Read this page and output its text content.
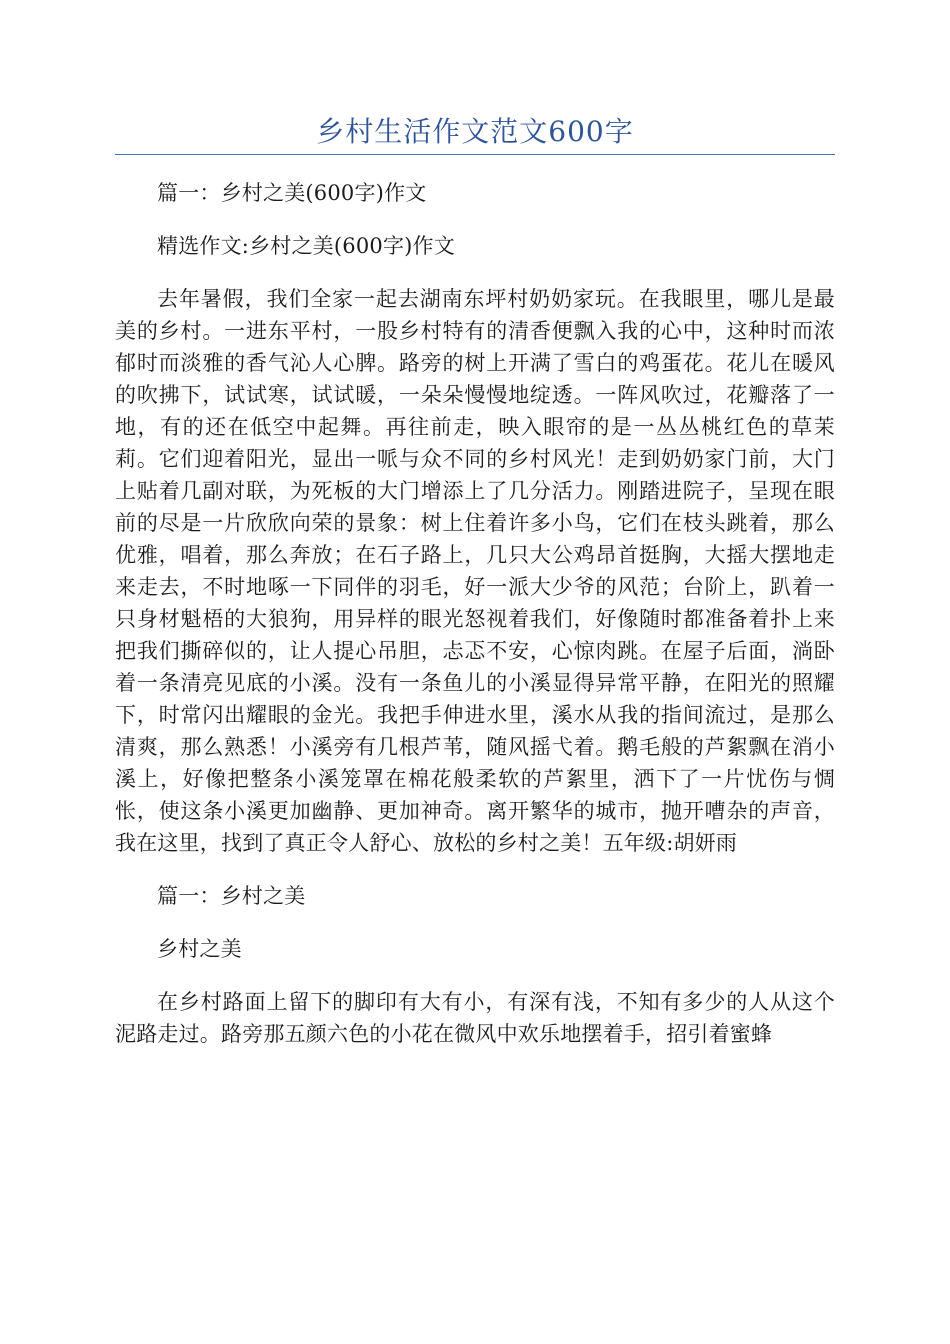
乡村生活作文范文600字

篇一：乡村之美(600字)作文

精选作文:乡村之美(600字)作文

去年暑假，我们全家一起去湖南东坪村奶奶家玩。在我眼里，哪儿是最美的乡村。一进东平村，一股乡村特有的清香便飘入我的心中，这种时而浓郁时而淡雅的香气沁人心脾。路旁的树上开满了雪白的鸡蛋花。花儿在暖风的吹拂下，试试寒，试试暖，一朵朵慢慢地绽透。一阵风吹过，花瓣落了一地，有的还在低空中起舞。再往前走，映入眼帘的是一丛丛桃红色的草茉莉。它们迎着阳光，显出一哌与众不同的乡村风光！走到奶奶家门前，大门上贴着几副对联，为死板的大门增添上了几分活力。刚踏进院子，呈现在眼前的尽是一片欣欣向荣的景象：树上住着许多小鸟，它们在枝头跳着，那么优雅，唱着，那么奔放；在石子路上，几只大公鸡昂首挺胸，大摇大摆地走来走去，不时地啄一下同伴的羽毛，好一派大少爷的风范；台阶上，趴着一只身材魁梧的大狼狗，用异样的眼光怒视着我们，好像随时都准备着扑上来把我们撕碎似的，让人提心吊胆，忐忑不安，心惊肉跳。在屋子后面，淌卧着一条清亮见底的小溪。没有一条鱼儿的小溪显得异常平静，在阳光的照耀下，时常闪出耀眼的金光。我把手伸进水里，溪水从我的指间流过，是那么清爽，那么熟悉！小溪旁有几根芦苇，随风摇弋着。鹅毛般的芦絮飘在消小溪上，好像把整条小溪笼罩在棉花般柔软的芦絮里，洒下了一片忧伤与惆怅，使这条小溪更加幽静、更加神奇。离开繁华的城市，抛开嘈杂的声音，我在这里，找到了真正令人舒心、放松的乡村之美！五年级:胡妍雨

篇一：乡村之美

乡村之美

在乡村路面上留下的脚印有大有小，有深有浅，不知有多少的人从这个泥路走过。路旁那五颜六色的小花在微风中欢乐地摆着手，招引着蜜蜂
